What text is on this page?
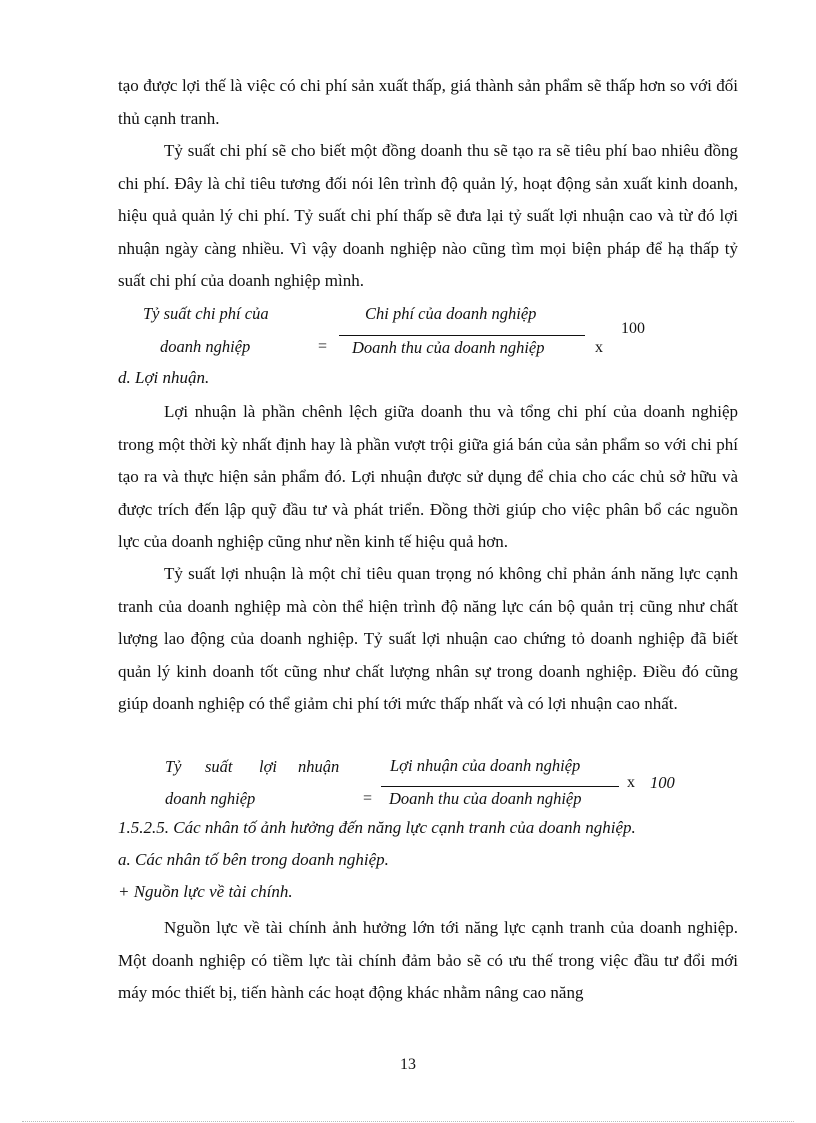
tạo được lợi thế là việc có chi phí sản xuất thấp, giá thành sản phẩm sẽ thấp hơn so với đối thủ cạnh tranh.

Tỷ suất chi phí sẽ cho biết một đồng doanh thu sẽ tạo ra sẽ tiêu phí bao nhiêu đồng chi phí. Đây là chỉ tiêu tương đối nói lên trình độ quản lý, hoạt động sản xuất kinh doanh, hiệu quả quản lý chi phí. Tỷ suất chi phí thấp sẽ đưa lại tỷ suất lợi nhuận cao và từ đó lợi nhuận ngày càng nhiều. Vì vậy doanh nghiệp nào cũng tìm mọi biện pháp để hạ thấp tỷ suất chi phí của doanh nghiệp mình.

Tỷ suất chi phí của
doanh nghiệp	=
Chi phí của doanh nghiệp
Doanh thu của doanh nghiệp	x
100
d. Lợi nhuận.

Lợi nhuận là phần chênh lệch giữa doanh thu và tổng chi phí của doanh nghiệp trong một thời kỳ nhất định hay là phần vượt trội giữa giá bán của sản phẩm so với chi phí tạo ra và thực hiện sản phẩm đó. Lợi nhuận được sử dụng để chia cho các chủ sở hữu và được trích đến lập quỹ đầu tư và phát triển. Đồng thời giúp cho việc phân bổ các nguồn lực của doanh nghiệp cũng như nền kinh tế hiệu quả hơn.

Tỷ suất lợi nhuận là một chỉ tiêu quan trọng nó không chỉ phản ánh năng lực cạnh tranh của doanh nghiệp mà còn thể hiện trình độ năng lực cán bộ quản trị cũng như chất lượng lao động của doanh nghiệp. Tỷ suất lợi nhuận cao chứng tỏ doanh nghiệp đã biết quản lý kinh doanh tốt cũng như chất lượng nhân sự trong doanh nghiệp. Điều đó cũng giúp doanh nghiệp có thể giảm chi phí tới mức thấp nhất và có lợi nhuận cao nhất.

Tỷ suất lợi nhuận
doanh nghiệp	=
Lợi nhuận của doanh nghiệp
Doanh thu của doanh nghiệp
x 100
1.5.2.5. Các nhân tố ảnh hưởng đến năng lực cạnh tranh của doanh nghiệp.
a. Các nhân tố bên trong doanh nghiệp.
+ Nguồn lực về tài chính.

Nguồn lực về tài chính ảnh hưởng lớn tới năng lực cạnh tranh của doanh nghiệp. Một doanh nghiệp có tiềm lực tài chính đảm bảo sẽ có ưu thế trong việc đầu tư đổi mới máy móc thiết bị, tiến hành các hoạt động khác nhằm nâng cao năng

13
